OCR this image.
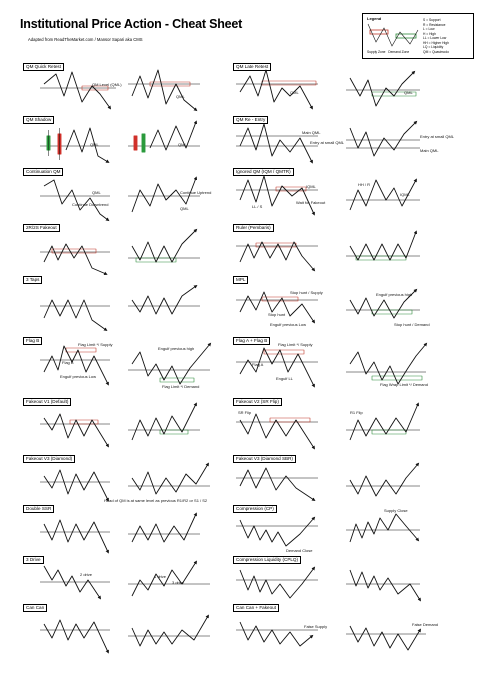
Institutional Price Action - Cheat Sheet
Adapted from ReadTheMarket.com / Mansor Sapari aka CMS
Legend	S = Support
R = Resistance
L = Low
H = High
LL = Lower Low
HH = Higher High
LQ = Liquidity
QM = Quasimodo
Supply Zone Demand Zone
QM Quick Retest	QM Late Retest
QM Shadow	QM Re - Entry
Continuation QM	Ignored QM (IQM / QMTR)
2R/2S Fakeout	Ruler (Pembaris)
3 Taps	MPL
Flag B	Flag A + Flag B
Fakeout V1 (Default)	Fakeout V2 (SR Flip)
Fakeout V3 (Diamond)	Fakeout V3 (Diamond SBR)
Double SSR	Compression (CP)
3 Drive	Compression Liquidity (CPLQ)
Can Can	Can Can + Fakeout
QM Level (QML)
QML
QML	QML
QML	QML
Main QML
Entry at small QML
Entry at small QML
Main QML
QML
Continue Downtrend
Continue Uptrend
QML
IQML
Wait for Fakeout
LL / S
HH / R
IQML
Stop hunt / Supply
Stop hunt
Engulf previous Low
Engulf previous high
Stop hunt / Demand
Flag Limit */ Supply
Flag B
Engulf previous Low
Engulf previous high
Flag Limit */ Demand
Flag Limit */ Supply
Flag A
Engulf LL
Flag Wrap Limit */ Demand
SR Flip	R1 Flip
Head of QM is at same level as previous R1/R2 or S1 / S2
Supply Close
Demand Close
2 drive	1 drive
3 drive
False Supply	False Demand
